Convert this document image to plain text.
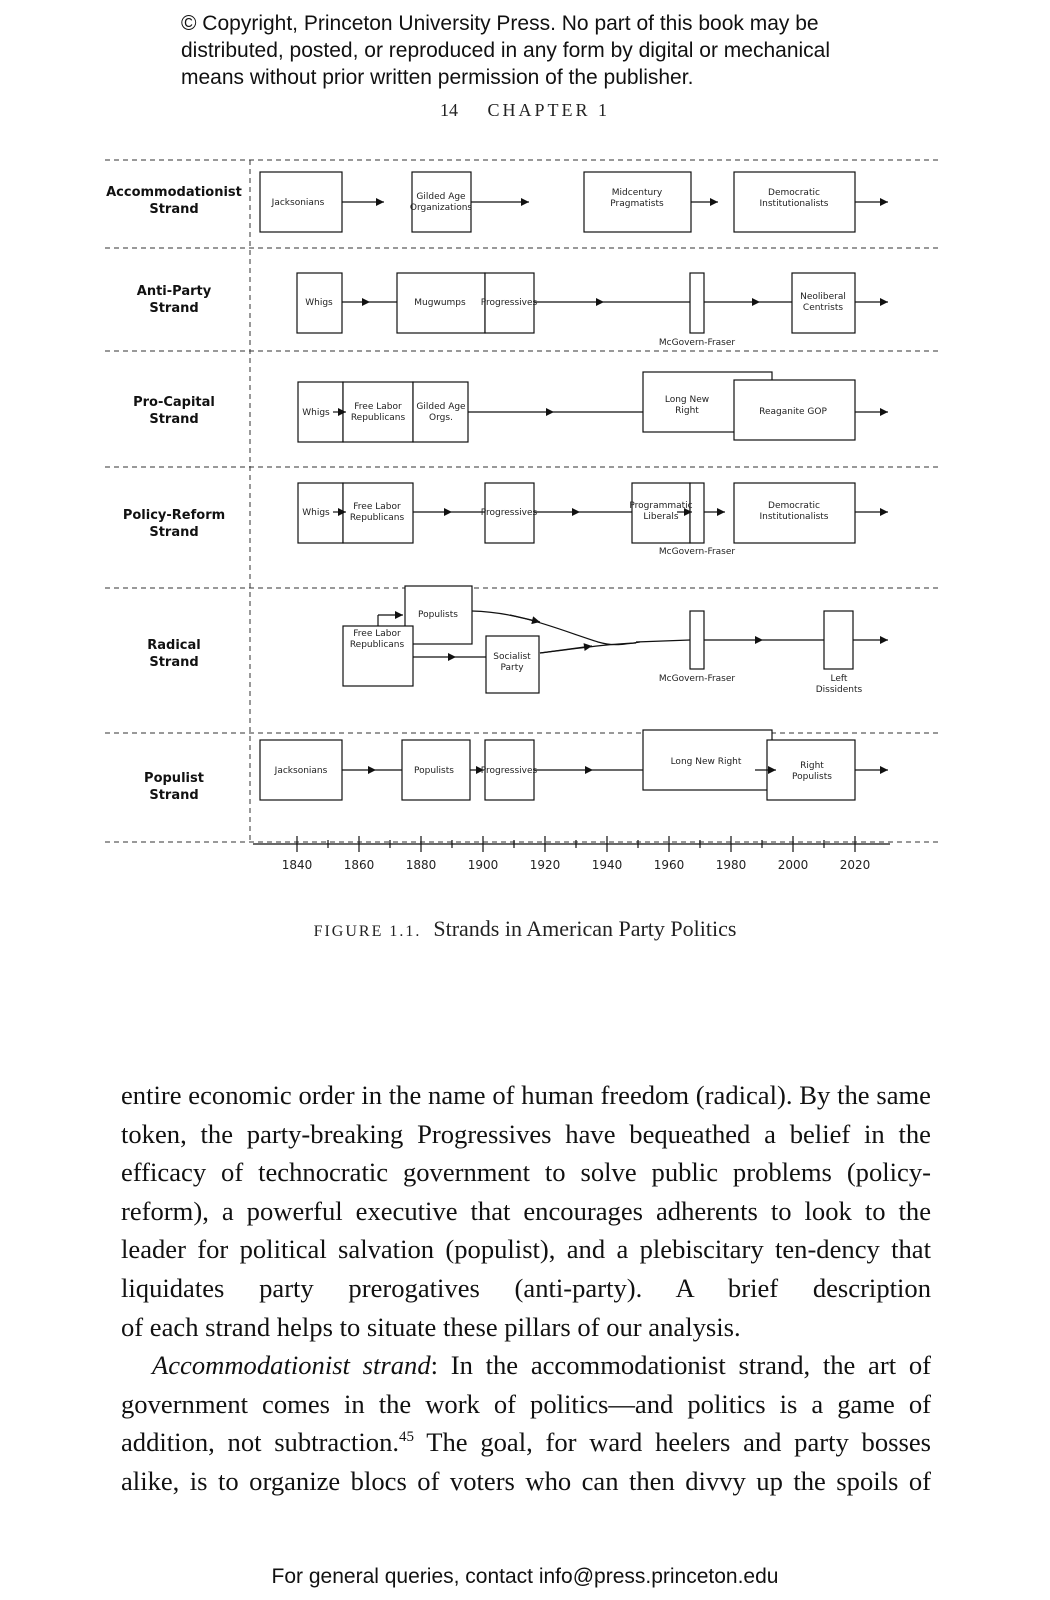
© Copyright, Princeton University Press. No part of this book may be
distributed, posted, or reproduced in any form by digital or mechanical
means without prior written permission of the publisher.
14 CHAPTER 1
Accommodationist
Strand
Anti-Party
Strand
Pro-Capital
Strand
Policy-Reform
Strand
Radical
Strand
Populist
Strand
Jacksonians
Gilded Age
Organizations
Midcentury
Pragmatists
Democratic
Institutionalists
Whigs	Mugwumps Progressives
McGovern-Fraser
Neoliberal
Centrists
Whigs
Free Labor
Republicans
Gilded Age
Orgs.
Long New
Right	Reaganite GOP
Whigs
Free Labor
Republicans	Progressives
Programmatic
Liberals
Democratic
Institutionalists
McGovern-Fraser
Populists
Free Labor
Republicans
Socialist
Party
McGovern-Fraser	Left
Dissidents
Jacksonians	Populists	Progressives
Long New Right	Right
Populists
1840	1860	1880	1900	1920	1940	1960	1980	2000	2020
FIGURE 1.1. Strands in American Party Politics

entire economic order in the name of human freedom (radical). By the same token, the party-breaking Progressives have bequeathed a belief in the efficacy of technocratic government to solve public problems (policy-reform), a powerful executive that encourages adherents to look to the leader for political salvation (populist), and a plebiscitary ten-dency that liquidates party prerogatives (anti-party). A brief description

of each strand helps to situate these pillars of our analysis.

Accommodationist strand: In the accommodationist strand, the art of government comes in the work of politics—and politics is a game of addition, not subtraction.$^{45}$ The goal, for ward heelers and party bosses alike, is to organize blocs of voters who can then divvy up the spoils of

For general queries, contact info@press.princeton.edu
